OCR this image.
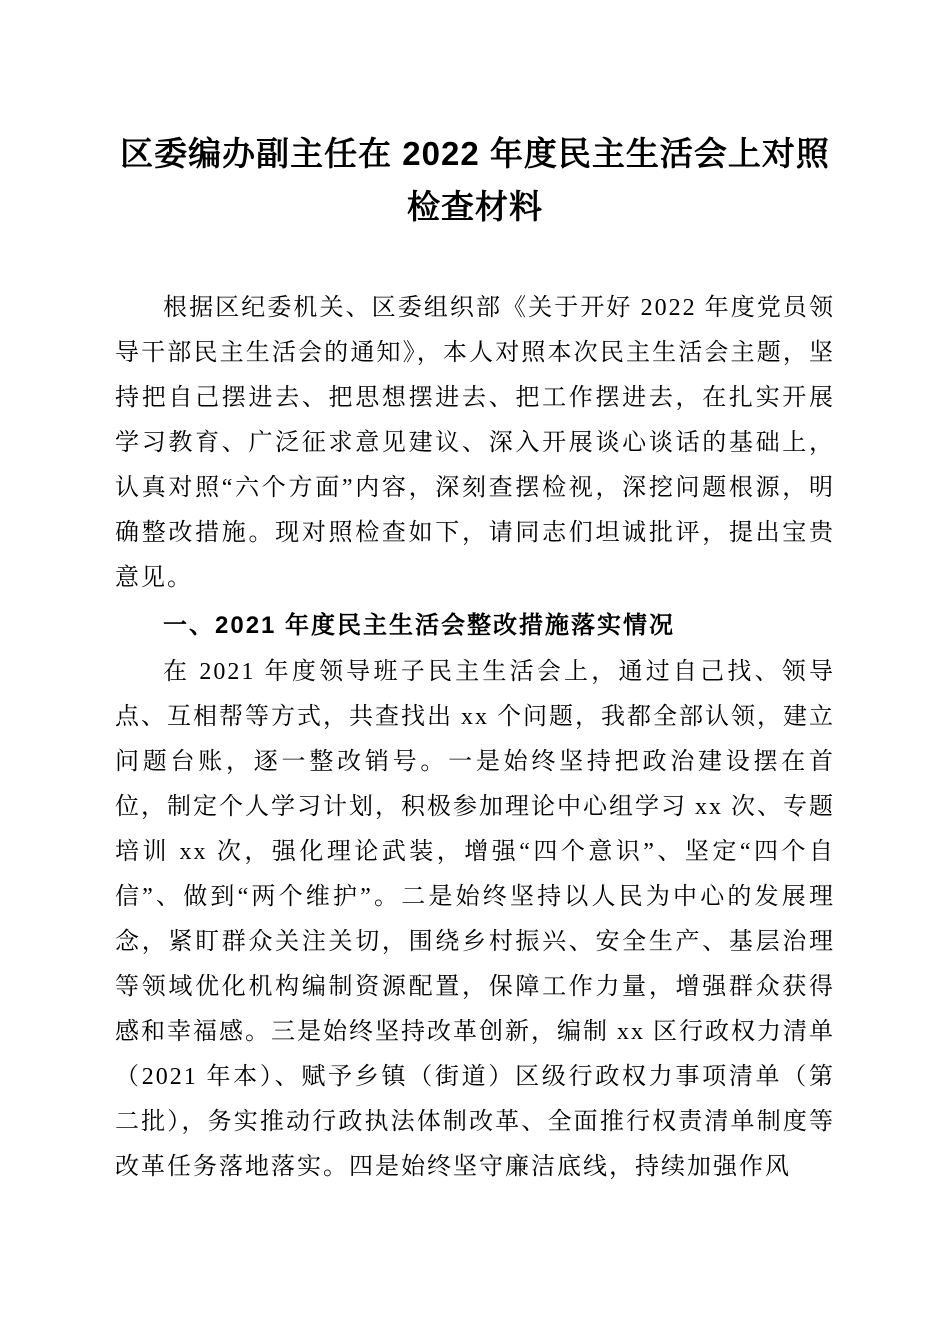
区委编办副主任在 2022 年度民主生活会上对照检查材料

根据区纪委机关、区委组织部《关于开好 2022 年度党员领导干部民主生活会的通知》，本人对照本次民主生活会主题，坚持把自己摆进去、把思想摆进去、把工作摆进去，在扎实开展学习教育、广泛征求意见建议、深入开展谈心谈话的基础上，认真对照“六个方面”内容，深刻查摆检视，深挖问题根源，明确整改措施。现对照检查如下，请同志们坦诚批评，提出宝贵意见。

一、2021 年度民主生活会整改措施落实情况

在 2021 年度领导班子民主生活会上，通过自己找、领导点、互相帮等方式，共查找出 xx 个问题，我都全部认领，建立问题台账，逐一整改销号。一是始终坚持把政治建设摆在首位，制定个人学习计划，积极参加理论中心组学习 xx 次、专题培训 xx 次，强化理论武装，增强“四个意识”、坚定“四个自信”、做到“两个维护”。二是始终坚持以人民为中心的发展理念，紧盯群众关注关切，围绕乡村振兴、安全生产、基层治理等领域优化机构编制资源配置，保障工作力量，增强群众获得感和幸福感。三是始终坚持改革创新，编制 xx 区行政权力清单（2021 年本）、赋予乡镇（街道）区级行政权力事项清单（第二批），务实推动行政执法体制改革、全面推行权责清单制度等改革任务落地落实。四是始终坚守廉洁底线，持续加强作风
